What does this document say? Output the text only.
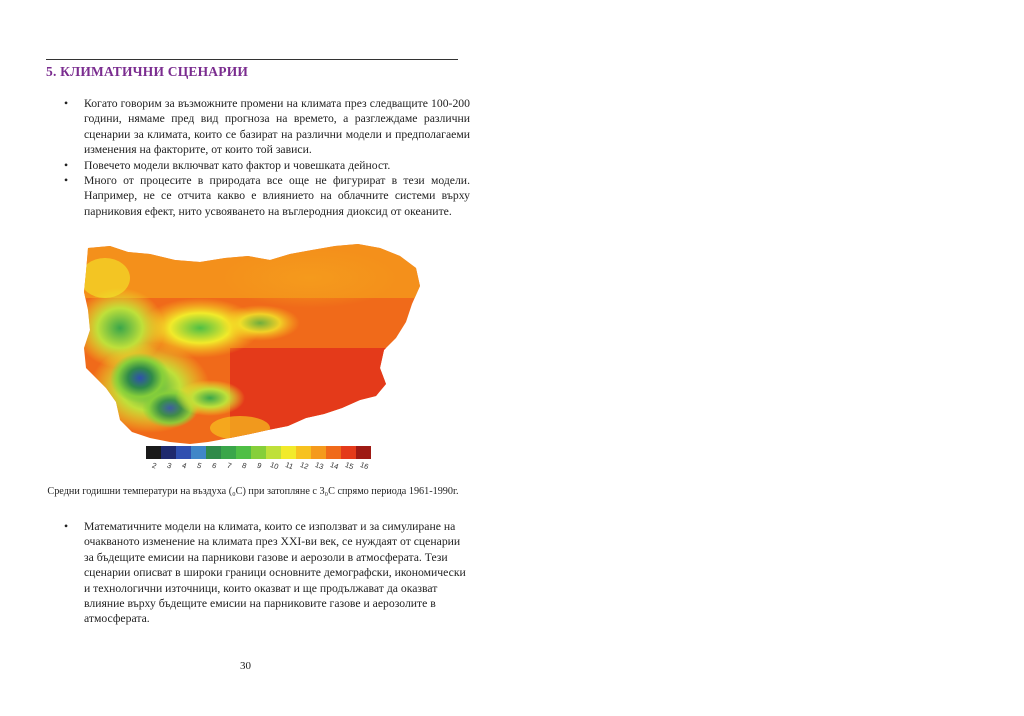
5. КЛИМАТИЧНИ СЦЕНАРИИ
• Когато говорим за възможните промени на климата през следващите 100-200 години, нямаме пред вид прогноза на времето, а разглеждаме различни сценарии за климата, които се базират на различни модели и предполагаеми изменения на факторите, от които той зависи.
• Повечето модели включват като фактор и човешката дейност.
• Много от процесите в природата все още не фигурират в тези модели. Например, не се отчита какво е влиянието на облачните системи върху парниковия ефект, нито усвояването на въглеродния диоксид от океаните.
2 3 4 5 6 7 8 9 10 11 12 13 14 15 16
Средни годишни температури на въздуха (₀C) при затопляне с 3₀C спрямо периода 1961-1990г.
• Математичните модели на климата, които се използват и за симулиране на очакваното изменение на климата през XXI-ви век, се нуждаят от сценарии за бъдещите емисии на парникови газове и аерозоли в атмосферата. Тези сценарии описват в широки граници основните демографски, икономически и технологични източници, които оказват и ще продължават да оказват влияние върху бъдещите емисии на парниковите газове и аерозолите в атмосферата.
30
